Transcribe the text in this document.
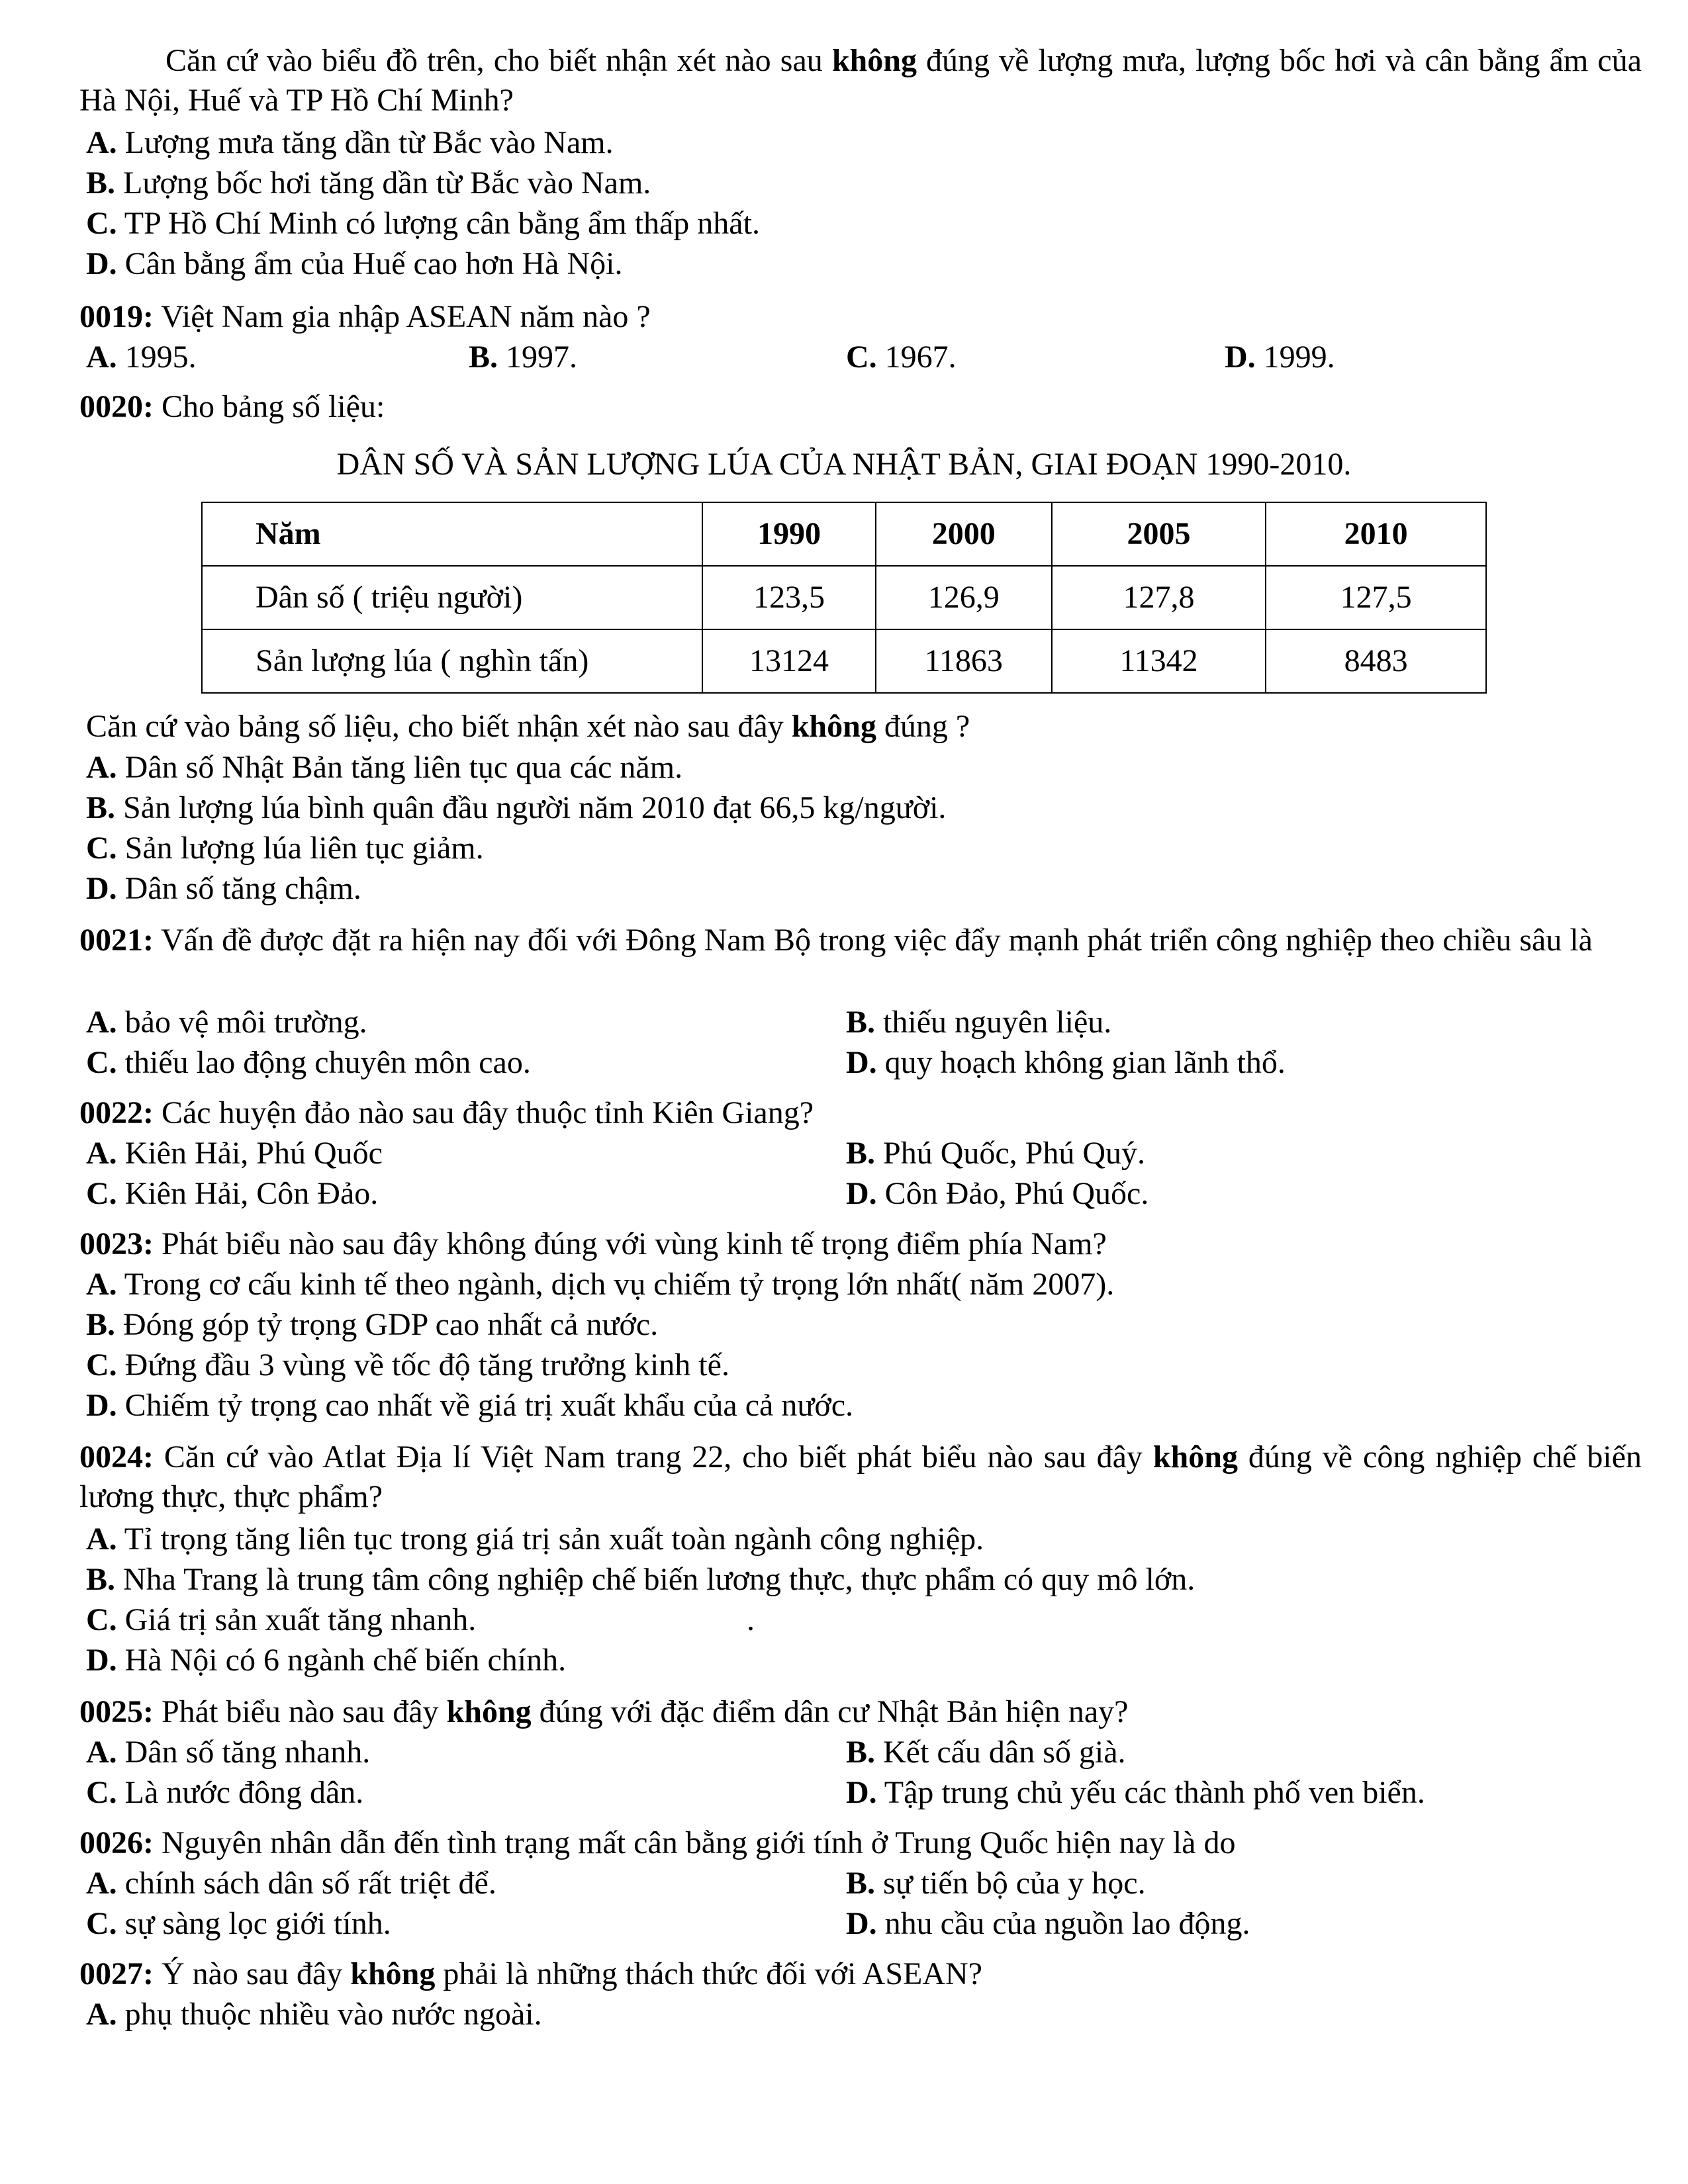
Căn cứ vào biểu đồ trên, cho biết nhận xét nào sau không đúng về lượng mưa, lượng bốc hơi và cân bằng ẩm của Hà Nội, Huế và TP Hồ Chí Minh?
A. Lượng mưa tăng dần từ Bắc vào Nam.
B. Lượng bốc hơi tăng dần từ Bắc vào Nam.
C. TP Hồ Chí Minh có lượng cân bằng ẩm thấp nhất.
D. Cân bằng ẩm của Huế cao hơn Hà Nội.
0019: Việt Nam gia nhập ASEAN năm nào ?
A. 1995.	B. 1997.	C. 1967.	D. 1999.
0020: Cho bảng số liệu:
DÂN SỐ VÀ SẢN LƯỢNG LÚA CỦA NHẬT BẢN, GIAI ĐOẠN 1990-2010.
Năm	1990	2000	2005	2010
Dân số ( triệu người)	123,5	126,9	127,8	127,5
Sản lượng lúa ( nghìn tấn)	13124	11863	11342	8483
Căn cứ vào bảng số liệu, cho biết nhận xét nào sau đây không đúng ?
A. Dân số Nhật Bản tăng liên tục qua các năm.
B. Sản lượng lúa bình quân đầu người năm 2010 đạt 66,5 kg/người.
C. Sản lượng lúa liên tục giảm.
D. Dân số tăng chậm.
0021: Vấn đề được đặt ra hiện nay đối với Đông Nam Bộ trong việc đẩy mạnh phát triển công nghiệp theo chiều sâu là
A. bảo vệ môi trường.	B. thiếu nguyên liệu.
C. thiếu lao động chuyên môn cao.	D. quy hoạch không gian lãnh thổ.
0022: Các huyện đảo nào sau đây thuộc tỉnh Kiên Giang?
A. Kiên Hải, Phú Quốc	B. Phú Quốc, Phú Quý.
C. Kiên Hải, Côn Đảo.	D. Côn Đảo, Phú Quốc.
0023: Phát biểu nào sau đây không đúng với vùng kinh tế trọng điểm phía Nam?
A. Trong cơ cấu kinh tế theo ngành, dịch vụ chiếm tỷ trọng lớn nhất( năm 2007).
B. Đóng góp tỷ trọng GDP cao nhất cả nước.
C. Đứng đầu 3 vùng về tốc độ tăng trưởng kinh tế.
D. Chiếm tỷ trọng cao nhất về giá trị xuất khẩu của cả nước.
0024: Căn cứ vào Atlat Địa lí Việt Nam trang 22, cho biết phát biểu nào sau đây không đúng về công nghiệp chế biến lương thực, thực phẩm?
A. Tỉ trọng tăng liên tục trong giá trị sản xuất toàn ngành công nghiệp.
B. Nha Trang là trung tâm công nghiệp chế biến lương thực, thực phẩm có quy mô lớn.
C. Giá trị sản xuất tăng nhanh.	.
D. Hà Nội có 6 ngành chế biến chính.
0025: Phát biểu nào sau đây không đúng với đặc điểm dân cư Nhật Bản hiện nay?
A. Dân số tăng nhanh.	B. Kết cấu dân số già.
C. Là nước đông dân.	D. Tập trung chủ yếu các thành phố ven biển.
0026: Nguyên nhân dẫn đến tình trạng mất cân bằng giới tính ở Trung Quốc hiện nay là do
A. chính sách dân số rất triệt để.	B. sự tiến bộ của y học.
C. sự sàng lọc giới tính.	D. nhu cầu của nguồn lao động.
0027: Ý nào sau đây không phải là những thách thức đối với ASEAN?
A. phụ thuộc nhiều vào nước ngoài.
